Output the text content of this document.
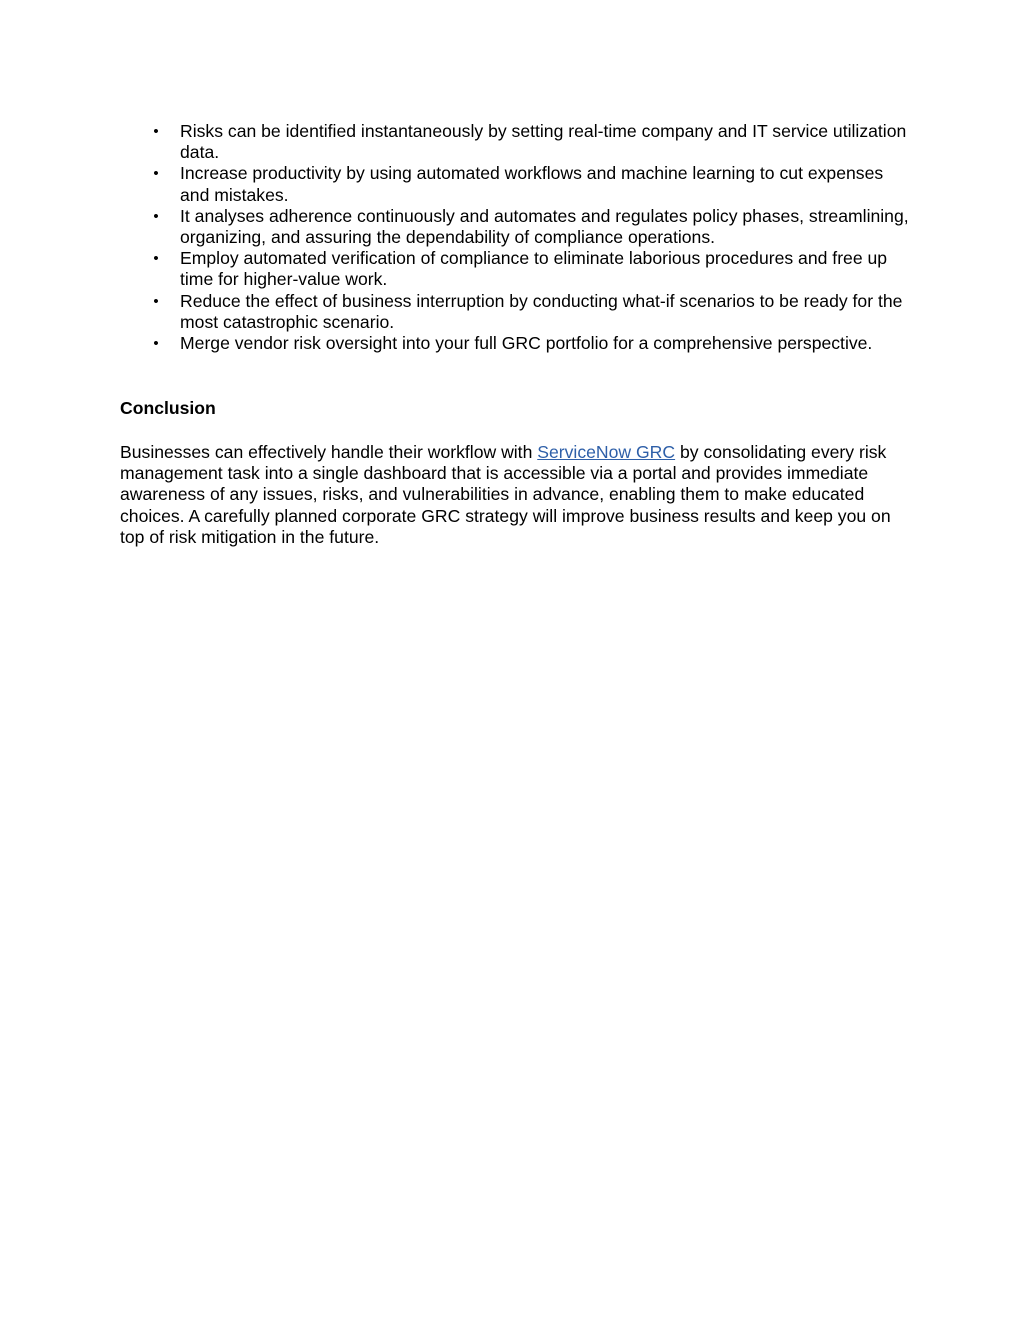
• Risks can be identified instantaneously by setting real-time company and IT service utilization data.
• Increase productivity by using automated workflows and machine learning to cut expenses and mistakes.
• It analyses adherence continuously and automates and regulates policy phases, streamlining, organizing, and assuring the dependability of compliance operations.
• Employ automated verification of compliance to eliminate laborious procedures and free up time for higher-value work.
• Reduce the effect of business interruption by conducting what-if scenarios to be ready for the most catastrophic scenario.
• Merge vendor risk oversight into your full GRC portfolio for a comprehensive perspective.
Conclusion

Businesses can effectively handle their workflow with ServiceNow GRC by consolidating every risk management task into a single dashboard that is accessible via a portal and provides immediate awareness of any issues, risks, and vulnerabilities in advance, enabling them to make educated choices. A carefully planned corporate GRC strategy will improve business results and keep you on top of risk mitigation in the future.
